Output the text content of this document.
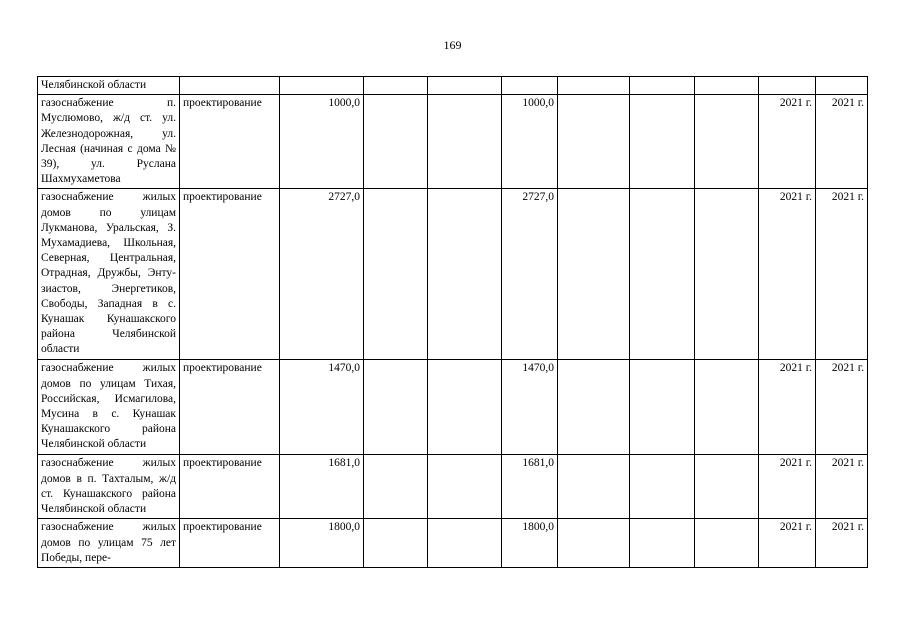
169
Челябинской области										
газоснабжение п. Муслюмово, ж/д ст. ул. Железнодорожная, ул. Лесная (начиная с дома № 39), ул. Руслана Шахмухаметова	проектирование	1000,0			1000,0				2021 г.	2021 г.
газоснабжение жилых домов по улицам Лукманова, Уральская, З. Мухамадиева, Школьная, Северная, Центральная, Отрадная, Дружбы, Энтузиастов, Энергетиков, Свободы, Западная в с. Кунашак Кунашакского района Челябинской области	проектирование	2727,0			2727,0				2021 г.	2021 г.
газоснабжение жилых домов по улицам Тихая, Российская, Исмагилова, Мусина в с. Кунашак Кунашакского района Челябинской области	проектирование	1470,0			1470,0				2021 г.	2021 г.
газоснабжение жилых домов в п. Тахталым, ж/д ст. Кунашакского района Челябинской области	проектирование	1681,0			1681,0				2021 г.	2021 г.
газоснабжение жилых домов по улицам 75 лет Победы, пере-	проектирование	1800,0			1800,0				2021 г.	2021 г.
